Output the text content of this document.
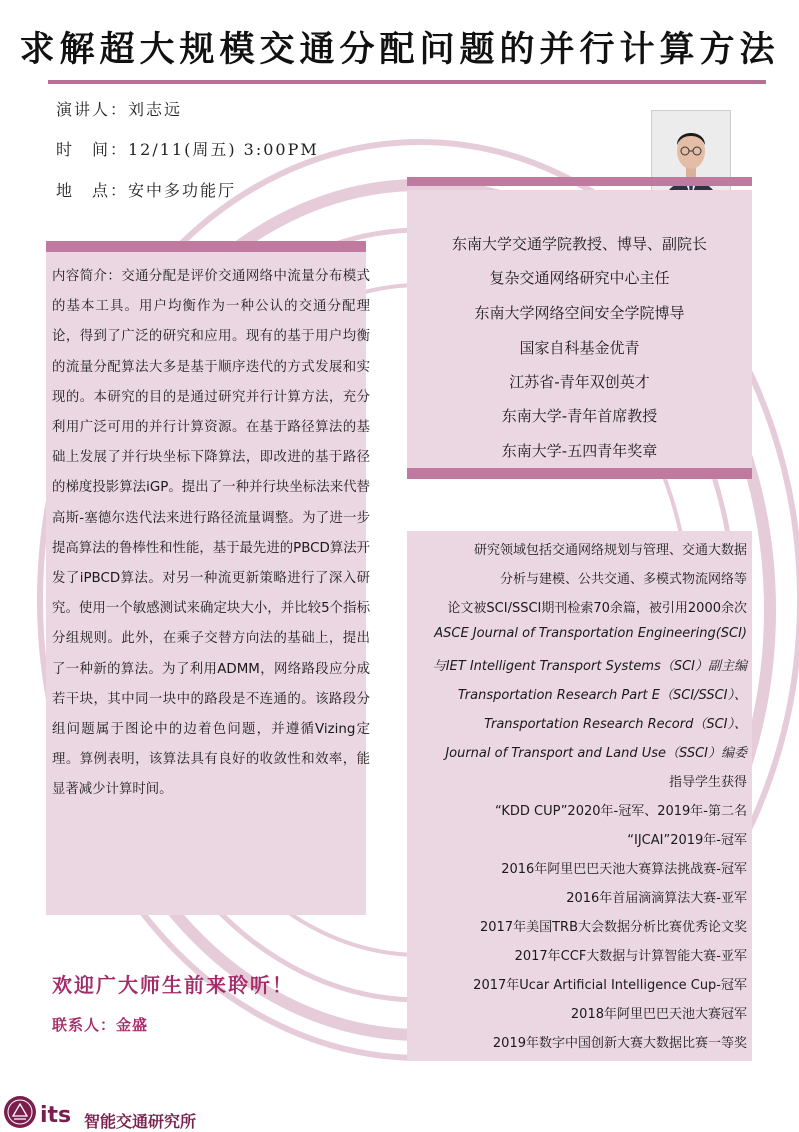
求解超大规模交通分配问题的并行计算方法
演讲人：刘志远
时　间：12/11(周五) 3:00PM
地　点：安中多功能厅
东南大学交通学院教授、博导、副院长
复杂交通网络研究中心主任
东南大学网络空间安全学院博导
国家自科基金优青
江苏省-青年双创英才
东南大学-青年首席教授
东南大学-五四青年奖章
内容简介：交通分配是评价交通网络中流量分布模式的基本工具。用户均衡作为一种公认的交通分配理论，得到了广泛的研究和应用。现有的基于用户均衡的流量分配算法大多是基于顺序迭代的方式发展和实现的。本研究的目的是通过研究并行计算方法，充分利用广泛可用的并行计算资源。在基于路径算法的基础上发展了并行块坐标下降算法，即改进的基于路径的梯度投影算法iGP。提出了一种并行块坐标法来代替高斯-塞德尔迭代法来进行路径流量调整。为了进一步提高算法的鲁棒性和性能，基于最先进的PBCD算法开发了iPBCD算法。对另一种流更新策略进行了深入研究。使用一个敏感测试来确定块大小，并比较5个指标分组规则。此外，在乘子交替方向法的基础上，提出了一种新的算法。为了利用ADMM，网络路段应分成若干块，其中同一块中的路段是不连通的。该路段分组问题属于图论中的边着色问题，并遵循Vizing定理。算例表明，该算法具有良好的收敛性和效率，能显著减少计算时间。
研究领域包括交通网络规划与管理、交通大数据
分析与建模、公共交通、多模式物流网络等
论文被SCI/SSCI期刊检索70余篇，被引用2000余次
ASCE Journal of Transportation Engineering(SCI)
与IET Intelligent Transport Systems（SCI）副主编
Transportation Research Part E（SCI/SSCI）、
Transportation Research Record（SCI）、
Journal of Transport and Land Use（SSCI）编委
指导学生获得
“KDD CUP”2020年-冠军、2019年-第二名
“IJCAI”2019年-冠军
2016年阿里巴巴天池大赛算法挑战赛-冠军
2016年首届滴滴算法大赛-亚军
2017年美国TRB大会数据分析比赛优秀论文奖
2017年CCF大数据与计算智能大赛-亚军
2017年Ucar Artificial Intelligence Cup-冠军
2018年阿里巴巴天池大赛冠军
2019年数字中国创新大赛大数据比赛一等奖
欢迎广大师生前来聆听！
联系人：金盛
its 智能交通研究所
